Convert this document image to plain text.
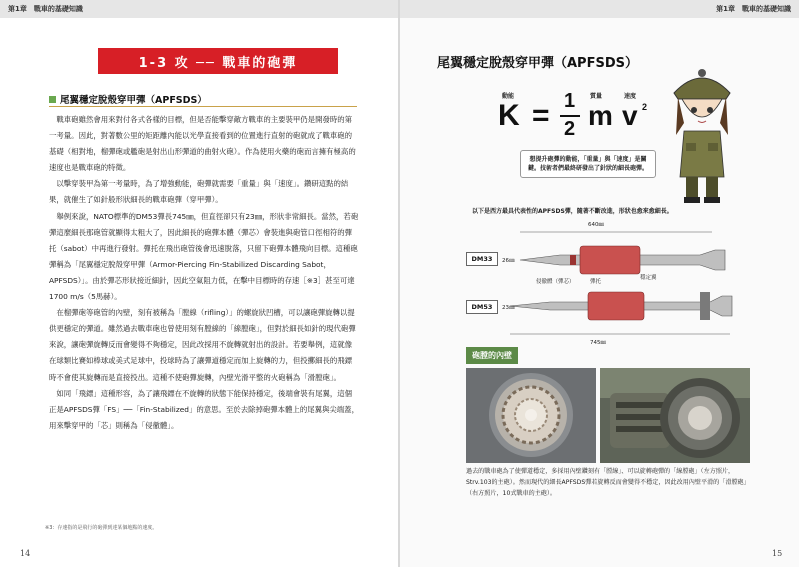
第1章　戰車的基礎知識
1-3 攻 ── 戰車的砲彈
尾翼穩定脫殼穿甲彈（APFSDS）

戰車砲雖然會用來對付各式各樣的目標，但是否能擊穿敵方戰車的主要裝甲仍是開發時的第一考量。因此，對著數公里的矩距離內能以光學直接看到的位置進行直射的砲就成了戰車砲的基礎（相對地，榴彈砲或艦砲是射出山形彈道的曲射火砲）。作為使用火藥的砲而言擁有極高的速度也是戰車砲的特徵。

以擊穿裝甲為第一考量時，為了增強動能，砲彈就需要「重量」與「速度」。鑽研這點的結果，就催生了如針般形狀細長的戰車砲彈（穿甲彈）。

舉例來說，NATO標準的DM53彈長745㎜，但直徑卻只有23㎜，形狀非常細長。當然，若砲彈這麼細長那砲管就顯得太粗大了，因此細長的砲彈本體（彈芯）會裝進與砲管口徑相符的彈托（sabot）中再進行發射。彈托在飛出砲管後會迅速脫落，只留下砲彈本體飛向目標。這種砲彈稱為「尾翼穩定脫殼穿甲彈（Armor-Piercing Fin-Stabilized Discarding Sabot，APFSDS）」。由於彈芯形狀接近細針，因此空氣阻力低，在擊中目標時的存速［※3］甚至可達1700 m/s（5馬赫）。

在榴彈砲等砲管的內壁，刻有被稱為「膛線（rifling）」的螺旋狀凹槽，可以讓砲彈旋轉以提供更穩定的彈道。雖然過去戰車砲也曾使用刻有膛線的「線膛砲」，但對於細長如針的現代砲彈來說，讓砲彈旋轉反而會變得不夠穩定，因此改採用不旋轉就射出的設計。若要舉例，這就像在球類比賽如棒球或美式足球中，投球時為了讓彈道穩定而加上旋轉的力，但投擲細長的飛鏢時不會使其旋轉而是直接投出。這種不使砲彈旋轉，內壁光滑平整的火砲稱為「滑膛砲」。

如同「飛鏢」這種形容，為了讓飛鏢在不旋轉的狀態下能保持穩定，後端會裝有尾翼，這個正是APFSDS彈「FS」──「Fin-Stabilized」的意思。至於去除掉砲彈本體上的尾翼與尖端蓋，用來擊穿甲的「芯」則稱為「侵徹體」。

※3：存速指的是飛行的砲彈到達某個地點的速度。
14
第1章　戰車的基礎知識
尾翼穩定脫殼穿甲彈（APFSDS）
動能	質量	速度
K = 1
2 m v 2
想提升砲彈的動能，「重量」與「速度」是關鍵。技術者們最終研發出了針狀的細長砲彈。
以下是西方最具代表性的APFSDS彈，隨著不斷改進，形狀也愈來愈細長。
640㎜
745㎜
DM33	26㎜
DM53	23㎜
侵徹體（彈芯）	彈托
穩定翼
砲膛的內壁
過去的戰車砲為了使彈道穩定，多採用內壁鑽刻有「膛線」、可以旋轉砲彈的「線膛砲」（左方照片，Strv.103的主砲）。然而現代的細長APFSDS彈若旋轉反而會變得不穩定，因此改用內壁平滑的「滑膛砲」（右方照片，10式戰車的主砲）。
15
